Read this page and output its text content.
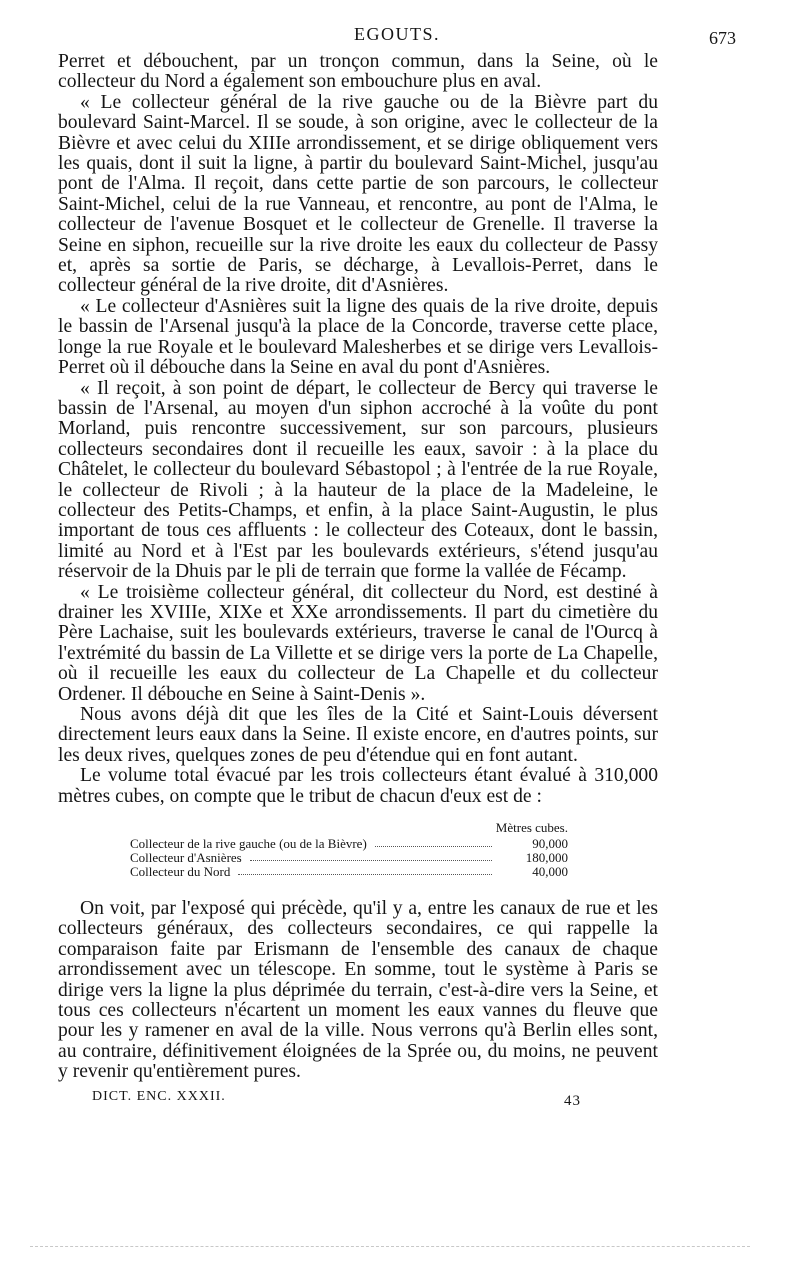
EGOUTS.	673

Perret et débouchent, par un tronçon commun, dans la Seine, où le collecteur du Nord a également son embouchure plus en aval.

« Le collecteur général de la rive gauche ou de la Bièvre part du boulevard Saint-Marcel. Il se soude, à son origine, avec le collecteur de la Bièvre et avec celui du XIIIe arrondissement, et se dirige obliquement vers les quais, dont il suit la ligne, à partir du boulevard Saint-Michel, jusqu'au pont de l'Alma. Il reçoit, dans cette partie de son parcours, le collecteur Saint-Michel, celui de la rue Vanneau, et rencontre, au pont de l'Alma, le collecteur de l'avenue Bosquet et le collecteur de Grenelle. Il traverse la Seine en siphon, recueille sur la rive droite les eaux du collecteur de Passy et, après sa sortie de Paris, se décharge, à Levallois-Perret, dans le collecteur général de la rive droite, dit d'Asnières.

« Le collecteur d'Asnières suit la ligne des quais de la rive droite, depuis le bassin de l'Arsenal jusqu'à la place de la Concorde, traverse cette place, longe la rue Royale et le boulevard Malesherbes et se dirige vers Levallois-Perret où il débouche dans la Seine en aval du pont d'Asnières.

« Il reçoit, à son point de départ, le collecteur de Bercy qui traverse le bassin de l'Arsenal, au moyen d'un siphon accroché à la voûte du pont Morland, puis rencontre successivement, sur son parcours, plusieurs collecteurs secondaires dont il recueille les eaux, savoir : à la place du Châtelet, le collecteur du boulevard Sébastopol ; à l'entrée de la rue Royale, le collecteur de Rivoli ; à la hauteur de la place de la Madeleine, le collecteur des Petits-Champs, et enfin, à la place Saint-Augustin, le plus important de tous ces affluents : le collecteur des Coteaux, dont le bassin, limité au Nord et à l'Est par les boulevards extérieurs, s'étend jusqu'au réservoir de la Dhuis par le pli de terrain que forme la vallée de Fécamp.

« Le troisième collecteur général, dit collecteur du Nord, est destiné à drainer les XVIIIe, XIXe et XXe arrondissements. Il part du cimetière du Père Lachaise, suit les boulevards extérieurs, traverse le canal de l'Ourcq à l'extrémité du bassin de La Villette et se dirige vers la porte de La Chapelle, où il recueille les eaux du collecteur de La Chapelle et du collecteur Ordener. Il débouche en Seine à Saint-Denis ».

Nous avons déjà dit que les îles de la Cité et Saint-Louis déversent directement leurs eaux dans la Seine. Il existe encore, en d'autres points, sur les deux rives, quelques zones de peu d'étendue qui en font autant.

Le volume total évacué par les trois collecteurs étant évalué à 310,000 mètres cubes, on compte que le tribut de chacun d'eux est de :

Mètres cubes.
Collecteur de la rive gauche (ou de la Bièvre)	90,000
Collecteur d'Asnières	180,000
Collecteur du Nord	40,000

On voit, par l'exposé qui précède, qu'il y a, entre les canaux de rue et les collecteurs généraux, des collecteurs secondaires, ce qui rappelle la comparaison faite par Erismann de l'ensemble des canaux de chaque arrondissement avec un télescope. En somme, tout le système à Paris se dirige vers la ligne la plus déprimée du terrain, c'est-à-dire vers la Seine, et tous ces collecteurs n'écartent un moment les eaux vannes du fleuve que pour les y ramener en aval de la ville. Nous verrons qu'à Berlin elles sont, au contraire, définitivement éloignées de la Sprée ou, du moins, ne peuvent y revenir qu'entièrement pures.

DICT. ENC. XXXII.	43
